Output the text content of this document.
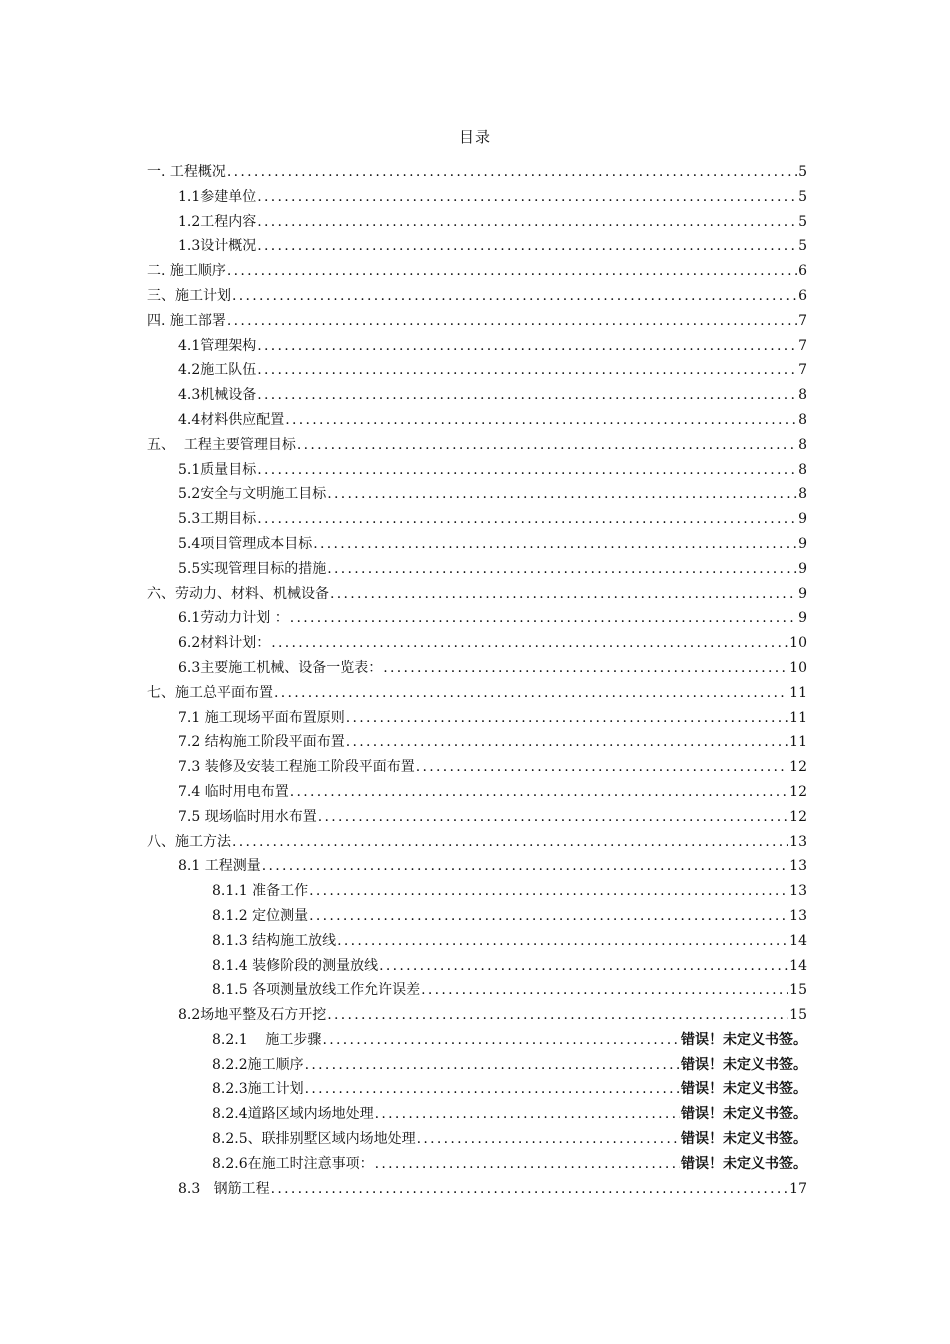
目录
一. 工程概况 .....	5
1.1参建单位 .....	5
1.2工程内容 .....	5
1.3设计概况 .....	5
二. 施工顺序 .....	6
三、施工计划 .....	6
四. 施工部署 .....	7
4.1管理架构 .....	7
4.2施工队伍 .....	7
4.3机械设备 .....	8
4.4材料供应配置 .....	8
五、  工程主要管理目标 .....	8
5.1质量目标 .....	8
5.2安全与文明施工目标 .....	8
5.3工期目标 .....	9
5.4项目管理成本目标 .....	9
5.5实现管理目标的措施 .....	9
六、劳动力、材料、机械设备 .....	9
6.1劳动力计划 ： .....	9
6.2材料计划： .....	10
6.3主要施工机械、设备一览表： .....	10
七、施工总平面布置 .....	11
7.1 施工现场平面布置原则 .....	11
7.2 结构施工阶段平面布置 .....	11
7.3 装修及安装工程施工阶段平面布置 .....	12
7.4 临时用电布置 .....	12
7.5 现场临时用水布置 .....	12
八、施工方法 .....	13
8.1 工程测量 .....	13
8.1.1 准备工作 .....	13
8.1.2 定位测量 .....	13
8.1.3 结构施工放线 .....	14
8.1.4 装修阶段的测量放线 .....	14
8.1.5 各项测量放线工作允许误差 .....	15
8.2场地平整及石方开挖 .....	15
8.2.1    施工步骤 .....	错误！未定义书签。
8.2.2施工顺序 .....	错误！未定义书签。
8.2.3施工计划 .....	错误！未定义书签。
8.2.4道路区域内场地处理 .....	错误！未定义书签。
8.2.5、联排别墅区域内场地处理 .....	错误！未定义书签。
8.2.6在施工时注意事项： .....	错误！未定义书签。
8.3   钢筋工程 .....	17
